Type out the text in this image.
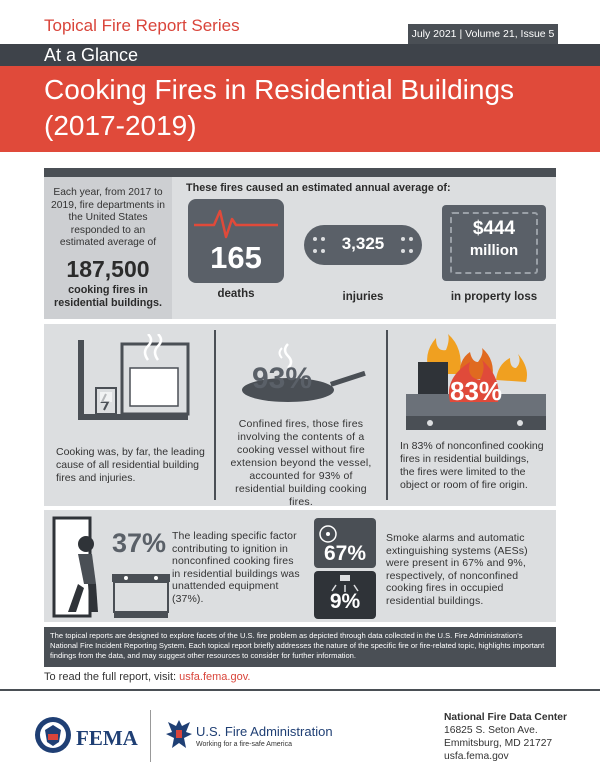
Topical Fire Report Series	July 2021 | Volume 21, Issue 5
At a Glance
Cooking Fires in Residential Buildings
(2017-2019)
Each year, from 2017 to 2019, fire departments in the United States responded to an estimated average of
187,500
cooking fires in residential buildings.
These fires caused an estimated annual average of:
165
deaths
3,325
injuries
$444
million
in property loss
Cooking was, by far, the leading cause of all residential building fires and injuries.
93%
Confined fires, those fires involving the contents of a cooking vessel without fire extension beyond the vessel, accounted for 93% of residential building cooking fires.
83%
In 83% of nonconfined cooking fires in residential buildings, the fires were limited to the object or room of fire origin.
37% The leading specific factor contributing to ignition in nonconfined cooking fires in residential buildings was unattended equipment (37%).
67%
9%
Smoke alarms and automatic extinguishing systems (AESs) were present in 67% and 9%, respectively, of nonconfined cooking fires in occupied residential buildings.
The topical reports are designed to explore facets of the U.S. fire problem as depicted through data collected in the U.S. Fire Administration's National Fire Incident Reporting System. Each topical report briefly addresses the nature of the specific fire or fire-related topic, highlights important findings from the data, and may suggest other resources to consider for further information.
To read the full report, visit: usfa.fema.gov.
FEMA	U.S. Fire Administration
Working for a fire-safe America
National Fire Data Center
16825 S. Seton Ave.
Emmitsburg, MD 21727
usfa.fema.gov
